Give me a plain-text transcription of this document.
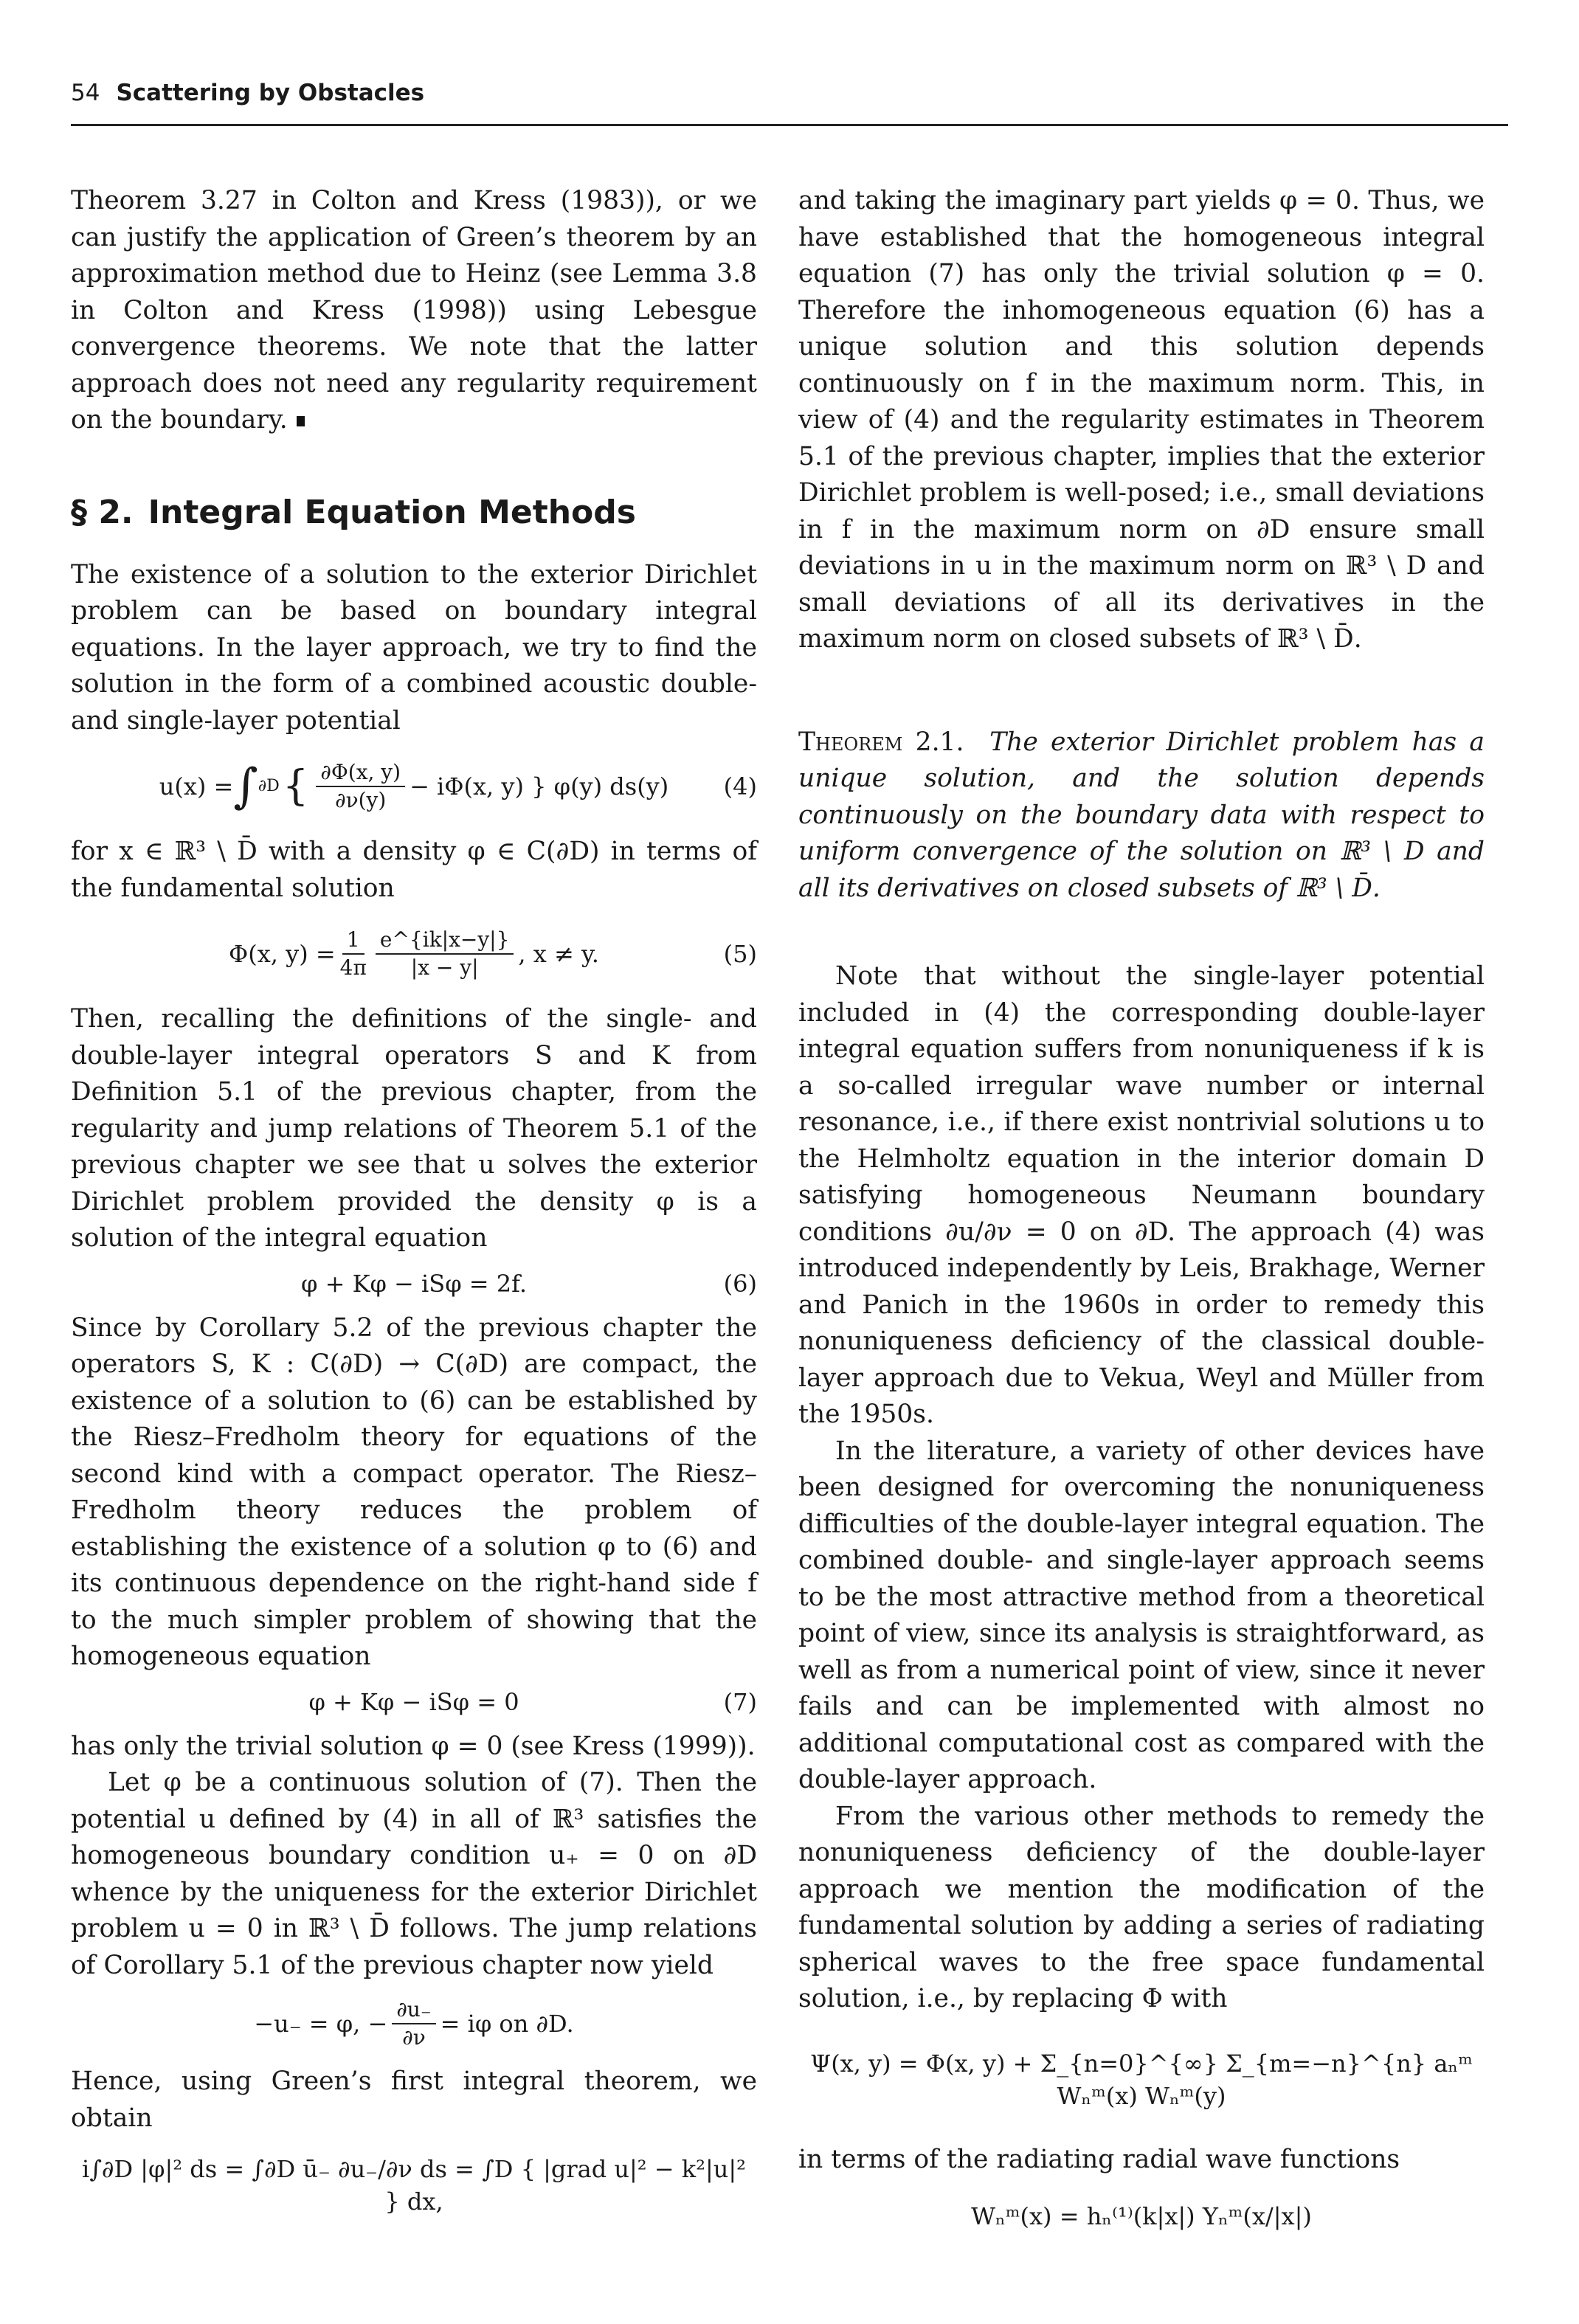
54 Scattering by Obstacles

Theorem 3.27 in Colton and Kress (1983)), or we can justify the application of Green’s theorem by an approximation method due to Heinz (see Lemma 3.8 in Colton and Kress (1998)) using Lebesgue convergence theorems. We note that the latter approach does not need any regularity requirement on the boundary.

§ 2. Integral Equation Methods

The existence of a solution to the exterior Dirichlet problem can be based on boundary integral equations. In the layer approach, we try to find the solution in the form of a combined acoustic double- and single-layer potential

u(x) = ∫ ∂D { $\frac{\partial\Phi(x, y)}{\partial\nu(y)} - i\Phi(x$, y) } φ(y) ds(y) (4)

for x ∈ ℝ³ \ D̄ with a density φ ∈ C(∂D) in terms of the fundamental solution

Φ(x, $y) = \frac{1}{4\pi} \frac{e\^{}\{ik|x-y|\}}{|x - y|}$ , x ≠ y.	(5)

Then, recalling the definitions of the single- and double-layer integral operators S and K from Definition 5.1 of the previous chapter, from the regularity and jump relations of Theorem 5.1 of the previous chapter we see that u solves the exterior Dirichlet problem provided the density φ is a solution of the integral equation

φ + Kφ − iSφ = 2f.	(6)

Since by Corollary 5.2 of the previous chapter the operators S, K : C(∂D) → C(∂D) are compact, the existence of a solution to (6) can be established by the Riesz–Fredholm theory for equations of the second kind with a compact operator. The Riesz–Fredholm theory reduces the problem of establishing the existence of a solution φ to (6) and its continuous dependence on the right-hand side f to the much simpler problem of showing that the homogeneous equation

φ + Kφ − iSφ = 0	(7)

has only the trivial solution φ = 0 (see Kress (1999)).

Let φ be a continuous solution of (7). Then the potential u defined by (4) in all of ℝ³ satisfies the homogeneous boundary condition u₊ = 0 on ∂D whence by the uniqueness for the exterior Dirichlet problem u = 0 in ℝ³ \ D̄ follows. The jump relations of Corollary 5.1 of the previous chapter now yield

−u₋ = φ, − $\frac{\partial u_-}{\partial\nu} = i\varphi$ on ∂D.

Hence, using Green’s first integral theorem, we obtain

i∫∂D |φ|² ds = ∫∂D ū₋ ∂u₋/∂ν ds = ∫D { |grad u|² − k²|u|² } dx,

and taking the imaginary part yields φ = 0. Thus, we have established that the homogeneous integral equation (7) has only the trivial solution φ = 0. Therefore the inhomogeneous equation (6) has a unique solution and this solution depends continuously on f in the maximum norm. This, in view of (4) and the regularity estimates in Theorem 5.1 of the previous chapter, implies that the exterior Dirichlet problem is well-posed; i.e., small deviations in f in the maximum norm on ∂D ensure small deviations in u in the maximum norm on ℝ³ \ D and small deviations of all its derivatives in the maximum norm on closed subsets of ℝ³ \ D̄.

Theorem 2.1. The exterior Dirichlet problem has a unique solution, and the solution depends continuously on the boundary data with respect to uniform convergence of the solution on ℝ³ \ D and all its derivatives on closed subsets of ℝ³ \ D̄.

Note that without the single-layer potential included in (4) the corresponding double-layer integral equation suffers from nonuniqueness if k is a so-called irregular wave number or internal resonance, i.e., if there exist nontrivial solutions u to the Helmholtz equation in the interior domain D satisfying homogeneous Neumann boundary conditions ∂u/∂ν = 0 on ∂D. The approach (4) was introduced independently by Leis, Brakhage, Werner and Panich in the 1960s in order to remedy this nonuniqueness deficiency of the classical double-layer approach due to Vekua, Weyl and Müller from the 1950s.

In the literature, a variety of other devices have been designed for overcoming the nonuniqueness difficulties of the double-layer integral equation. The combined double- and single-layer approach seems to be the most attractive method from a theoretical point of view, since its analysis is straightforward, as well as from a numerical point of view, since it never fails and can be implemented with almost no additional computational cost as compared with the double-layer approach.

From the various other methods to remedy the nonuniqueness deficiency of the double-layer approach we mention the modification of the fundamental solution by adding a series of radiating spherical waves to the free space fundamental solution, i.e., by replacing Φ with

Ψ(x, y) = Φ(x, y) + Σ_{n=0}^{∞} Σ_{m=−n}^{n} aₙᵐ Wₙᵐ(x) Wₙᵐ(y)

in terms of the radiating radial wave functions

Wₙᵐ(x) = hₙ⁽¹⁾(k|x|) Yₙᵐ(x/|x|)
